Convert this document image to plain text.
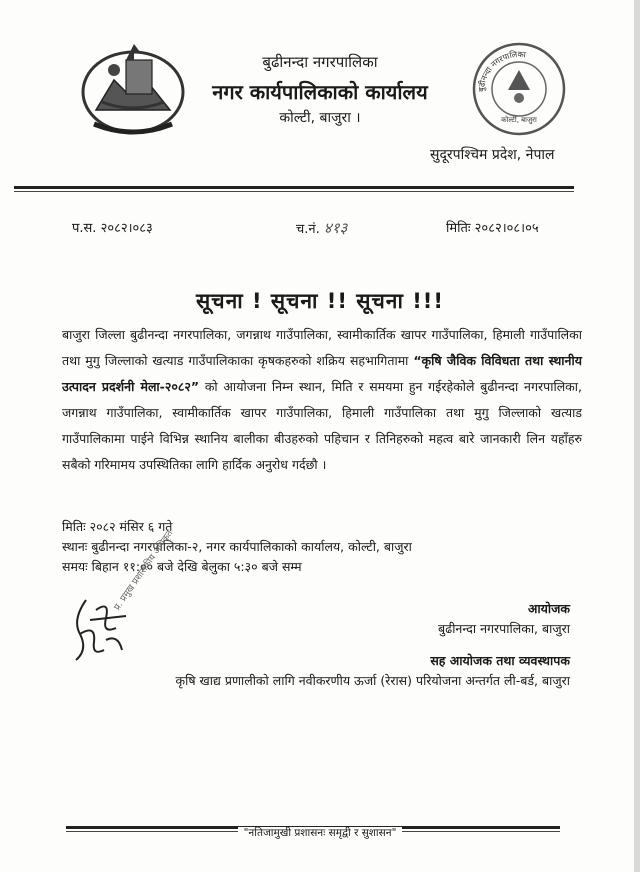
बुढीनन्दा नगरपालिका
नगर कार्यपालिकाको कार्यालय
कोल्टी, बाजुरा ।
बुढीनन्दा नगरपालिका
कोल्टी, बाजुरा
सुदूरपश्चिम प्रदेश, नेपाल
प.स. २०८२।०८३	च.नं. ४१३	मितिः २०८२।०८।०५
सूचना ! सूचना !! सूचना !!!
बाजुरा जिल्ला बुढीनन्दा नगरपालिका, जगन्नाथ गाउँपालिका, स्वामीकार्तिक खापर गाउँपालिका, हिमाली गाउँपालिका तथा मुगु जिल्लाको खत्याड गाउँपालिकाका कृषकहरुको शक्रिय सहभागितामा “कृषि जैविक विविधता तथा स्थानीय उत्पादन प्रदर्शनी मेला-२०८२” को आयोजना निम्न स्थान, मिति र समयमा हुन गईरहेकोले बुढीनन्दा नगरपालिका, जगन्नाथ गाउँपालिका, स्वामीकार्तिक खापर गाउँपालिका, हिमाली गाउँपालिका तथा मुगु जिल्लाको खत्याड गाउँपालिकामा पाईने विभिन्न स्थानिय बालीका बीउहरुको पहिचान र तिनिहरुको महत्व बारे जानकारी लिन यहाँहरु सबैको गरिमामय उपस्थितिका लागि हार्दिक अनुरोध गर्दछौ ।
मितिः २०८२ मंसिर ६ गते
स्थानः बुढीनन्दा नगरपालिका-२, नगर कार्यपालिकाको कार्यालय, कोल्टी, बाजुरा
समयः बिहान ११:०० बजे देखि बेलुका ५:३० बजे सम्म
प्र. प्रमुख प्रशासकीय अधिकृत	आयोजक
बुढीनन्दा नगरपालिका, बाजुरा
सह आयोजक तथा व्यवस्थापक
कृषि खाद्य प्रणालीको लागि नवीकरणीय ऊर्जा (रेरास) परियोजना अन्तर्गत ली-बर्ड, बाजुरा
"नतिजामुखी प्रशासनः समृद्वी र सुशासन"
